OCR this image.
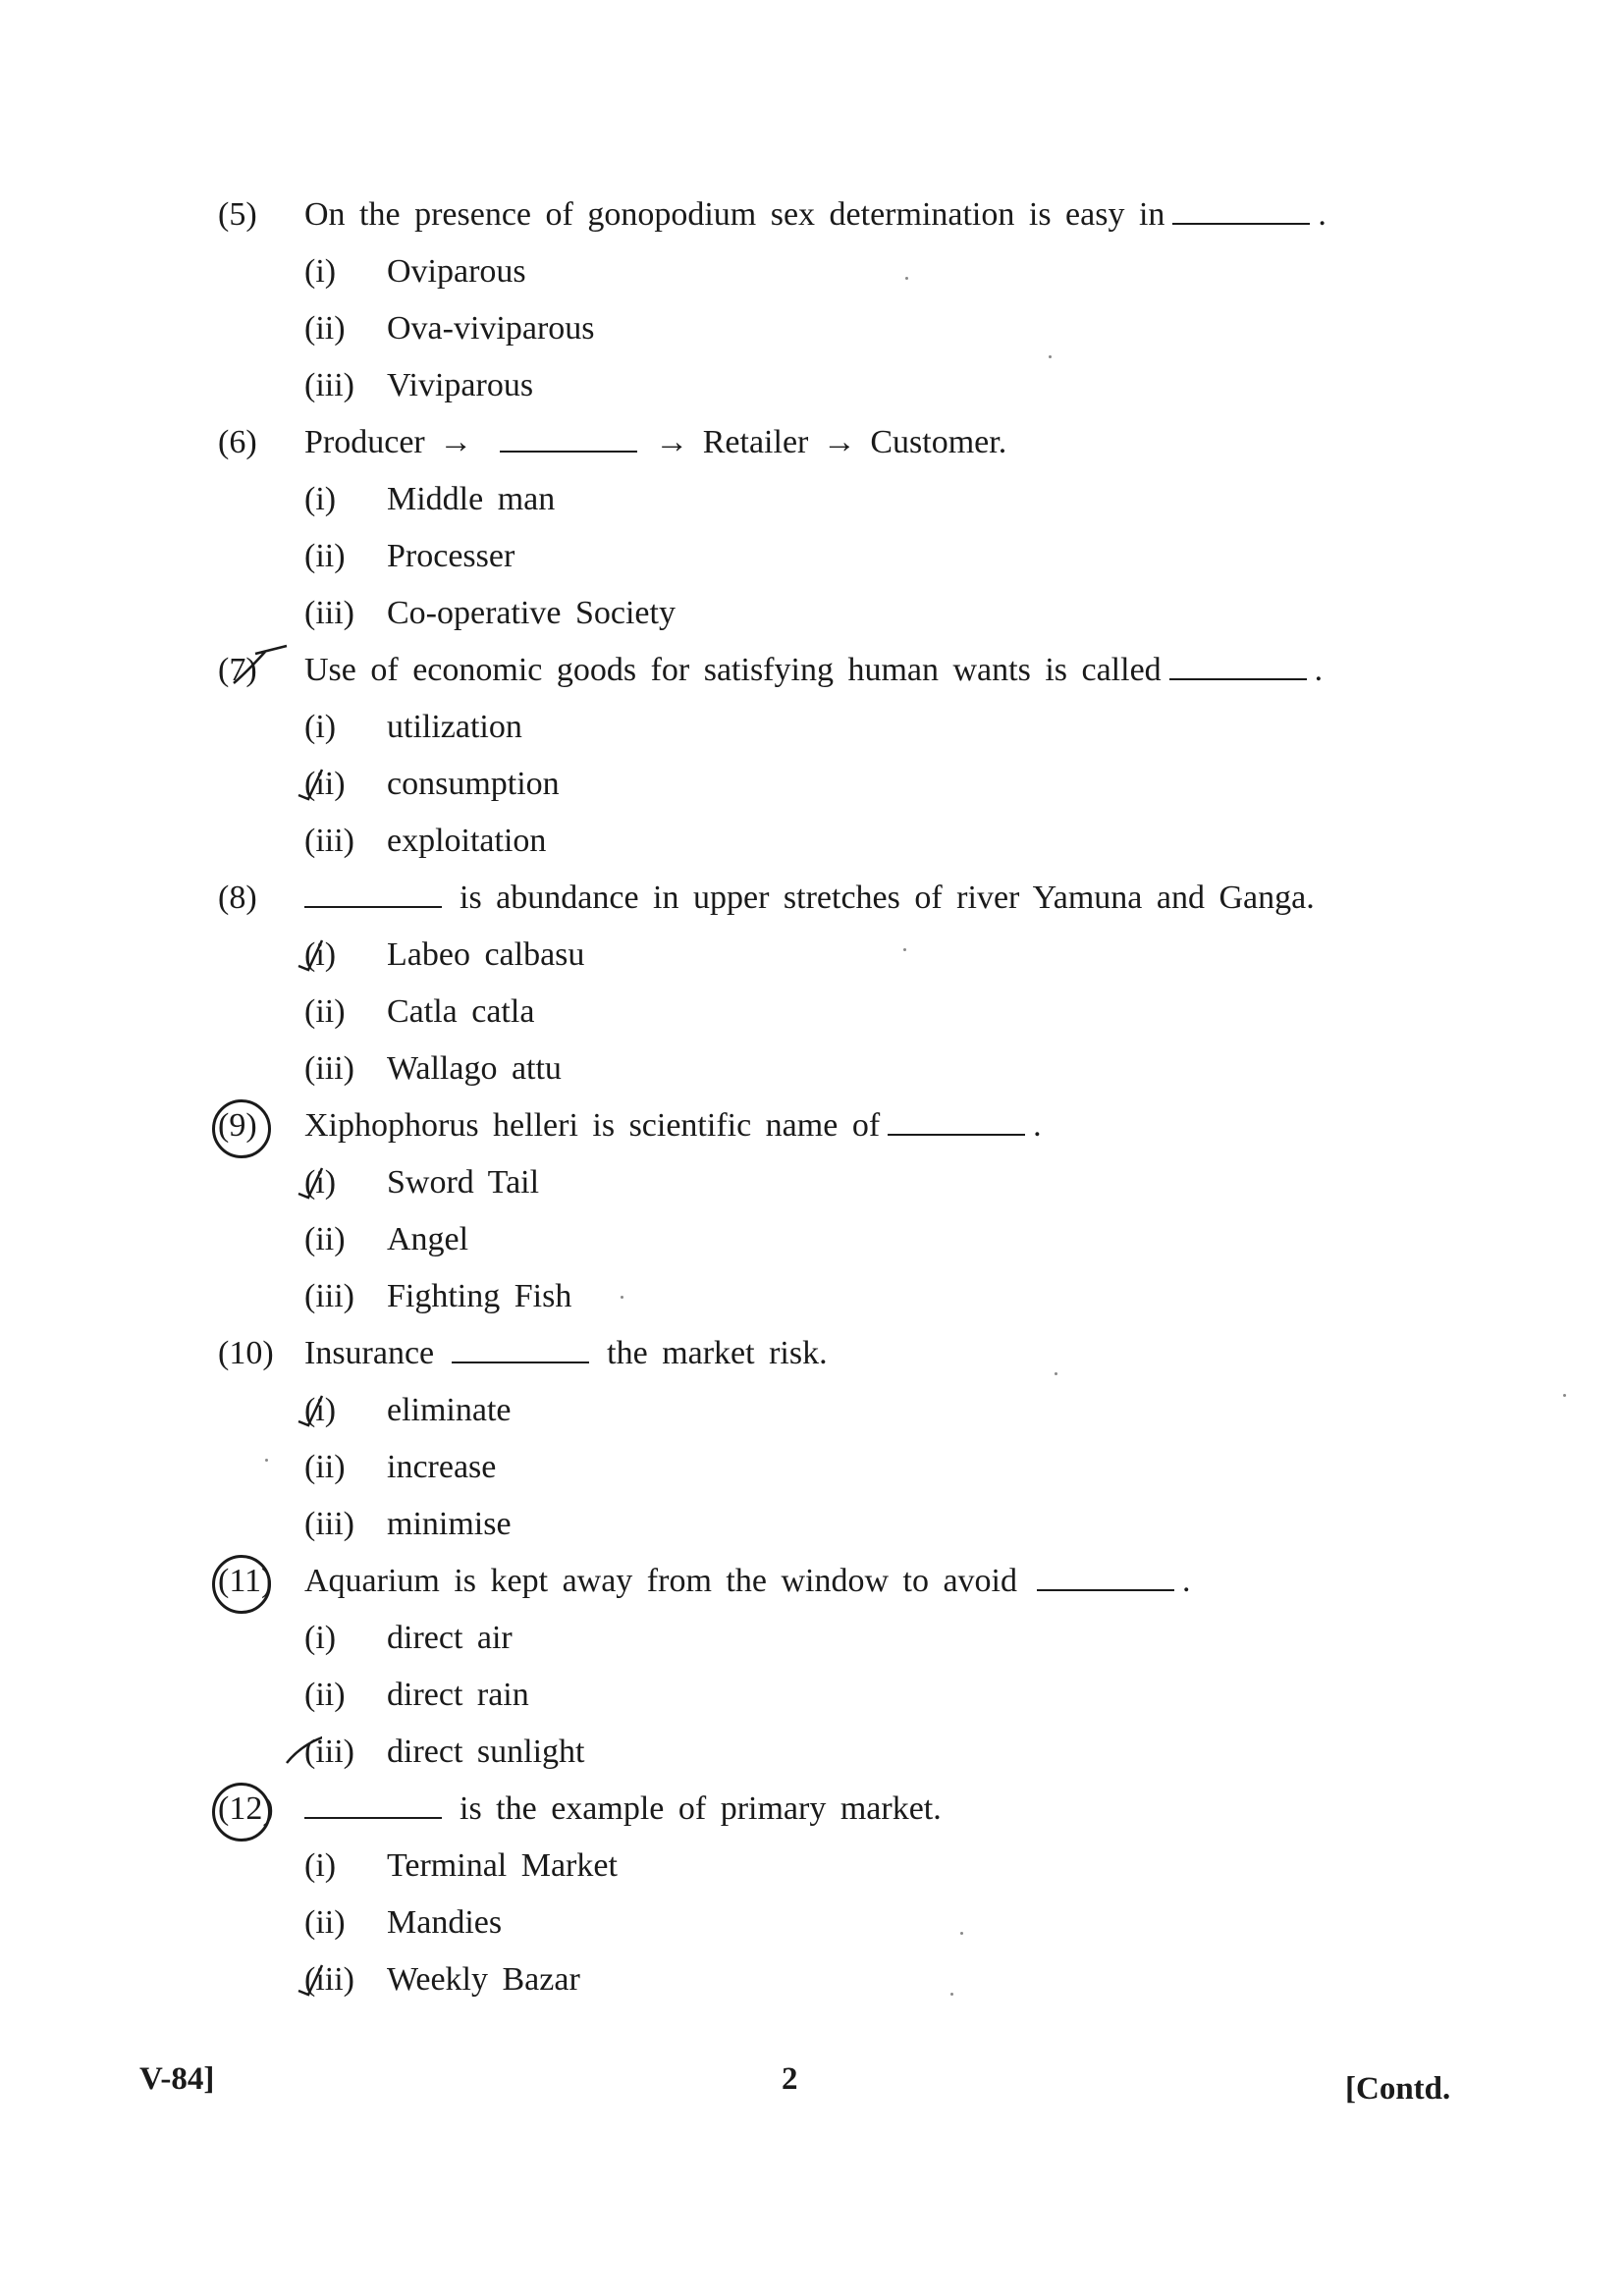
(5)	On the presence of gonopodium sex determination is easy in	.
(i)	Oviparous
(ii)	Ova-viviparous
(iii) Viviparous
(6)	Producer →	→ Retailer → Customer.
(i)	Middle man
(ii)	Processer
(iii) Co-operative Society
(7)	Use of economic goods for satisfying human wants is called	.
(i)	utilization
(ii)	consumption
(iii) exploitation
(8)	is abundance in upper stretches of river Yamuna and Ganga.
(i)	Labeo calbasu
(ii)	Catla catla
(iii) Wallago attu
(9)	Xiphophorus helleri is scientific name of	.
(i)	Sword Tail
(ii)	Angel
(iii) Fighting Fish
(10) Insurance	the market risk.
(i)	eliminate
(ii)	increase
(iii) minimise
(11) Aquarium is kept away from the window to avoid	.
(i)	direct air
(ii)	direct rain
(iii) direct sunlight
(12)	is the example of primary market.
(i)	Terminal Market
(ii)	Mandies
(iii) Weekly Bazar
V-84]	2	[Contd.
